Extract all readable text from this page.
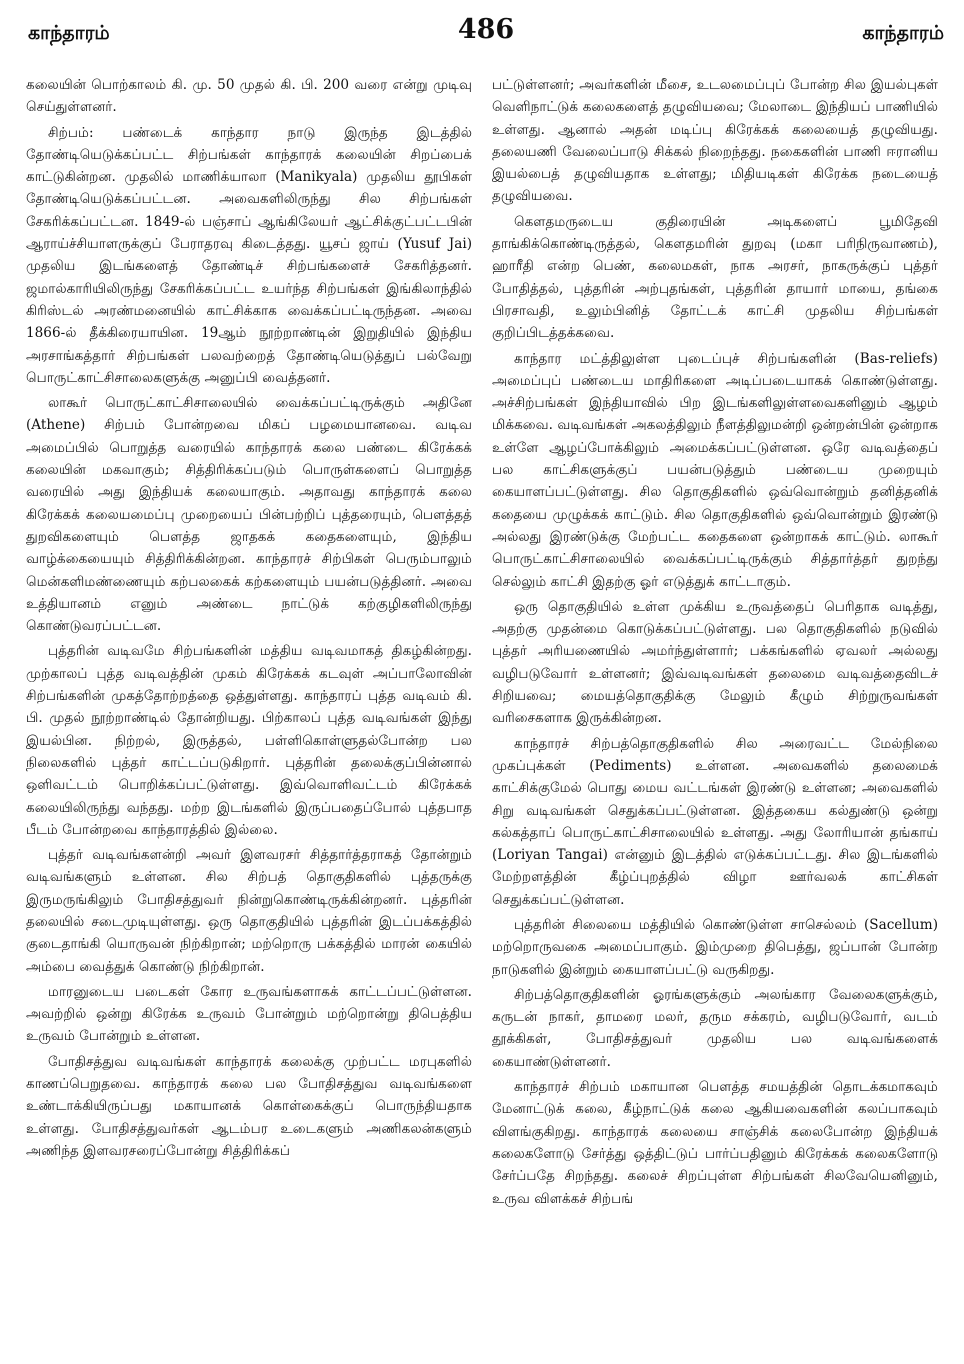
காந்தாரம்	486	காந்தாரம்

கலையின் பொற்காலம் கி. மு. 50 முதல் கி. பி. 200 வரை என்று முடிவு செய்துள்ளனர்.

சிற்பம்: பண்டைக் காந்தார நாடு இருந்த இடத்தில் தோண்டியெடுக்கப்பட்ட சிற்பங்கள் காந்தாரக் கலையின் சிறப்பைக் காட்டுகின்றன. முதலில் மாணிக்யாலா (Manikyala) முதலிய தூபிகள் தோண்டியெடுக்கப்பட்டன. அவைகளிலிருந்து சில சிற்பங்கள் சேகரிக்கப்பட்டன. 1849-ல் பஞ்சாப் ஆங்கிலேயர் ஆட்சிக்குட்பட்டபின் ஆராய்ச்சியாளருக்குப் பேராதரவு கிடைத்தது. யூசப் ஜாய் (Yusuf Jai) முதலிய இடங்களைத் தோண்டிச் சிற்பங்களைச் சேகரித்தனர். ஜமால்காரியிலிருந்து சேகரிக்கப்பட்ட உயர்ந்த சிற்பங்கள் இங்கிலாந்தில் கிரிஸ்டல் அரண்மனையில் காட்சிக்காக வைக்கப்பட்டிருந்தன. அவை 1866-ல் தீக்கிரையாயின. 19ஆம் நூற்றாண்டின் இறுதியில் இந்திய அரசாங்கத்தார் சிற்பங்கள் பலவற்றைத் தோண்டியெடுத்துப் பல்வேறு பொருட்காட்சிசாலைகளுக்கு அனுப்பி வைத்தனர்.

லாகூர் பொருட்காட்சிசாலையில் வைக்கப்பட்டிருக்கும் அதினே (Athene) சிற்பம் போன்றவை மிகப் பழமையானவை. வடிவ அமைப்பில் பொறுத்த வரையில் காந்தாரக் கலை பண்டை கிரேக்கக் கலையின் மகவாகும்; சித்திரிக்கப்படும் பொருள்களைப் பொறுத்த வரையில் அது இந்தியக் கலையாகும். அதாவது காந்தாரக் கலை கிரேக்கக் கலையமைப்பு முறையைப் பின்பற்றிப் புத்தரையும், பௌத்தத் துறவிகளையும் பௌத்த ஜாதகக் கதைகளையும், இந்திய வாழ்க்கையையும் சித்திரிக்கின்றன. காந்தாரச் சிற்பிகள் பெரும்பாலும் மென்களிமண்ணையும் கற்பலகைக் கற்களையும் பயன்படுத்தினர். அவை உத்தியானம் எனும் அண்டை நாட்டுக் கற்குழிகளிலிருந்து கொண்டுவரப்பட்டன.

புத்தரின் வடிவமே சிற்பங்களின் மத்திய வடிவமாகத் திகழ்கின்றது. முற்காலப் புத்த வடிவத்தின் முகம் கிரேக்கக் கடவுள் அப்பாலோவின் சிற்பங்களின் முகத்தோற்றத்தை ஒத்துள்ளது. காந்தாரப் புத்த வடிவம் கி. பி. முதல் நூற்றாண்டில் தோன்றியது. பிற்காலப் புத்த வடிவங்கள் இந்து இயல்பின. நிற்றல், இருத்தல், பள்ளிகொள்ளுதல்போன்ற பல நிலைகளில் புத்தர் காட்டப்படுகிறார். புத்தரின் தலைக்குப்பின்னால் ஒளிவட்டம் பொறிக்கப்பட்டுள்ளது. இவ்வொளிவட்டம் கிரேக்கக் கலையிலிருந்து வந்தது. மற்ற இடங்களில் இருப்பதைப்போல் புத்தபாத பீடம் போன்றவை காந்தாரத்தில் இல்லை.

புத்தர் வடிவங்களன்றி அவர் இளவரசர் சித்தார்த்தராகத் தோன்றும் வடிவங்களும் உள்ளன. சில சிற்பத் தொகுதிகளில் புத்தருக்கு இருமருங்கிலும் போதிசத்துவர் நின்றுகொண்டிருக்கின்றனர். புத்தரின் தலையில் சடைமுடியுள்ளது. ஒரு தொகுதியில் புத்தரின் இடப்பக்கத்தில் குடைதாங்கி யொருவன் நிற்கிறான்; மற்றொரு பக்கத்தில் மாரன் கையில் அம்பை வைத்துக் கொண்டு நிற்கிறான்.

மாரனுடைய படைகள் கோர உருவங்களாகக் காட்டப்பட்டுள்ளன. அவற்றில் ஒன்று கிரேக்க உருவம் போன்றும் மற்றொன்று திபெத்திய உருவம் போன்றும் உள்ளன.

போதிசத்துவ வடிவங்கள் காந்தாரக் கலைக்கு முற்பட்ட மரபுகளில் காணப்பெறுதவை. காந்தாரக் கலை பல போதிசத்துவ வடிவங்களை உண்டாக்கியிருப்பது மகாயானக் கொள்கைக்குப் பொருந்தியதாக உள்ளது. போதிசத்துவர்கள் ஆடம்பர உடைகளும் அணிகலன்களும் அணிந்த இளவரசரைப்போன்று சித்திரிக்கப்

பட்டுள்ளனர்; அவர்களின் மீசை, உடலமைப்புப் போன்ற சில இயல்புகள் வெளிநாட்டுக் கலைகளைத் தழுவியவை; மேலாடை இந்தியப் பாணியில் உள்ளது. ஆனால் அதன் மடிப்பு கிரேக்கக் கலையைத் தழுவியது. தலையணி வேலைப்பாடு சிக்கல் நிறைந்தது. நகைகளின் பாணி ஈரானிய இயல்பைத் தழுவியதாக உள்ளது; மிதியடிகள் கிரேக்க நடையைத் தழுவியவை.

கௌதமருடைய குதிரையின் அடிகளைப் பூமிதேவி தாங்கிக்கொண்டிருத்தல், கௌதமரின் துறவு (மகா பரிநிருவாணம்), ஹாரீதி என்ற பெண், கலைமகள், நாக அரசர், நாகருக்குப் புத்தர் போதித்தல், புத்தரின் அற்புதங்கள், புத்தரின் தாயார் மாயை, தங்கை பிரசாவதி, உலும்பினித் தோட்டக் காட்சி முதலிய சிற்பங்கள் குறிப்பிடத்தக்கவை.

காந்தார மட்த்திலுள்ள புடைப்புச் சிற்பங்களின் (Bas-reliefs) அமைப்புப் பண்டைய மாதிரிகளை அடிப்படையாகக் கொண்டுள்ளது. அச்சிற்பங்கள் இந்தியாவில் பிற இடங்களிலுள்ளவைகளினும் ஆழம் மிக்கவை. வடிவங்கள் அகலத்திலும் நீளத்திலுமன்றி ஒன்றன்பின் ஒன்றாக உள்ளே ஆழப்போக்கிலும் அமைக்கப்பட்டுள்ளன. ஒரே வடிவத்தைப் பல காட்சிகளுக்குப் பயன்படுத்தும் பண்டைய முறையும் கையாளப்பட்டுள்ளது. சில தொகுதிகளில் ஒவ்வொன்றும் தனித்தனிக் கதையை முழுக்கக் காட்டும். சில தொகுதிகளில் ஒவ்வொன்றும் இரண்டு அல்லது இரண்டுக்கு மேற்பட்ட கதைகளை ஒன்றாகக் காட்டும். லாகூர் பொருட்காட்சிசாலையில் வைக்கப்பட்டிருக்கும் சித்தார்த்தர் துறந்து செல்லும் காட்சி இதற்கு ஓர் எடுத்துக் காட்டாகும்.

ஒரு தொகுதியில் உள்ள முக்கிய உருவத்தைப் பெரிதாக வடித்து, அதற்கு முதன்மை கொடுக்கப்பட்டுள்ளது. பல தொகுதிகளில் நடுவில் புத்தர் அரியணையில் அமர்ந்துள்ளார்; பக்கங்களில் ஏவலர் அல்லது வழிபடுவோர் உள்ளனர்; இவ்வடிவங்கள் தலைமை வடிவத்தைவிடச் சிறியவை; மையத்தொகுதிக்கு மேலும் கீழும் சிற்றுருவங்கள் வரிசைகளாக இருக்கின்றன.

காந்தாரச் சிற்பத்தொகுதிகளில் சில அரைவட்ட மேல்நிலை முகப்புக்கள் (Pediments) உள்ளன. அவைகளில் தலைமைக் காட்சிக்குமேல் பொது மைய வட்டங்கள் இரண்டு உள்ளன; அவைகளில் சிறு வடிவங்கள் செதுக்கப்பட்டுள்ளன. இத்தகைய கல்துண்டு ஒன்று கல்கத்தாப் பொருட்காட்சிசாலையில் உள்ளது. அது லோரியான் தங்காய் (Loriyan Tangai) என்னும் இடத்தில் எடுக்கப்பட்டது. சில இடங்களில் மேற்றளத்தின் கீழ்ப்புறத்தில் விழா ஊர்வலக் காட்சிகள் செதுக்கப்பட்டுள்ளன.

புத்தரின் சிலையை மத்தியில் கொண்டுள்ள சாசெல்லம் (Sacellum) மற்றொருவகை அமைப்பாகும். இம்முறை திபெத்து, ஜப்பான் போன்ற நாடுகளில் இன்றும் கையாளப்பட்டு வருகிறது.

சிற்பத்தொகுதிகளின் ஓரங்களுக்கும் அலங்கார வேலைகளுக்கும், கருடன் நாகர், தாமரை மலர், தரும சக்கரம், வழிபடுவோர், வடம் தூக்கிகள், போதிசத்துவர் முதலிய பல வடிவங்களைக் கையாண்டுள்ளனர்.

காந்தாரச் சிற்பம் மகாயான பௌத்த சமயத்தின் தொடக்கமாகவும் மேனாட்டுக் கலை, கீழ்நாட்டுக் கலை ஆகியவைகளின் கலப்பாகவும் விளங்குகிறது. காந்தாரக் கலையை சாஞ்சிக் கலைபோன்ற இந்தியக் கலைகளோடு சேர்த்து ஒத்திட்டுப் பார்ப்பதினும் கிரேக்கக் கலைகளோடு சேர்ப்பதே சிறந்தது. கலைச் சிறப்புள்ள சிற்பங்கள் சிலவேயெனினும், உருவ விளக்கச் சிற்பங்
